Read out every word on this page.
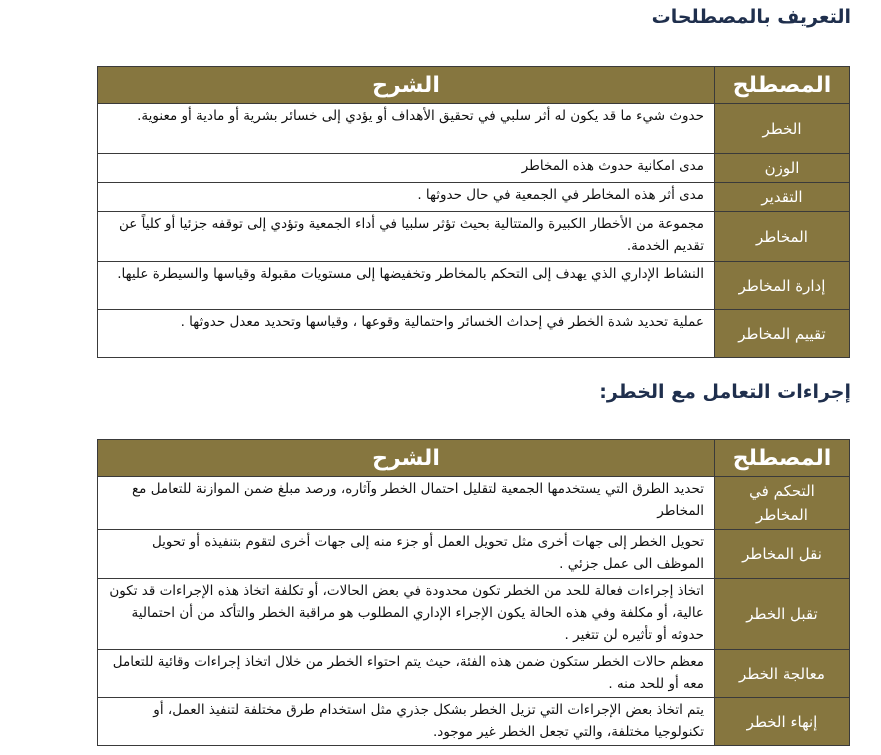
التعريف بالمصطلحات
المصطلح	الشرح
الخطر	حدوث شيء ما قد يكون له أثر سلبي في تحقيق الأهداف أو يؤدي إلى خسائر بشرية أو مادية أو معنوية.
الوزن	مدى امكانية حدوث هذه المخاطر
التقدير	مدى أثر هذه المخاطر في الجمعية في حال حدوثها .
المخاطر	مجموعة من الأخطار الكبيرة والمتتالية بحيث تؤثر سلبيا في أداء الجمعية وتؤدي إلى توقفه جزئيا أو كلياً عن تقديم الخدمة.
إدارة المخاطر	النشاط الإداري الذي يهدف إلى التحكم بالمخاطر وتخفيضها إلى مستويات مقبولة وقياسها والسيطرة عليها.
تقييم المخاطر	عملية تحديد شدة الخطر في إحداث الخسائر واحتمالية وقوعها ، وقياسها وتحديد معدل حدوثها .
إجراءات التعامل مع الخطر:
المصطلح	الشرح
التحكم في المخاطر	تحديد الطرق التي يستخدمها الجمعية لتقليل احتمال الخطر وآثاره، ورصد مبلغ ضمن الموازنة للتعامل مع المخاطر
نقل المخاطر	تحويل الخطر إلى جهات أخرى مثل تحويل العمل أو جزء منه إلى جهات أخرى لتقوم بتنفيذه أو تحويل الموظف الى عمل جزئي .
تقبل الخطر	اتخاذ إجراءات فعالة للحد من الخطر تكون محدودة في بعض الحالات، أو تكلفة اتخاذ هذه الإجراءات قد تكون عالية، أو مكلفة وفي هذه الحالة يكون الإجراء الإداري المطلوب هو مراقبة الخطر والتأكد من أن احتمالية حدوثه أو تأثيره لن تتغير .
معالجة الخطر	معظم حالات الخطر ستكون ضمن هذه الفئة، حيث يتم احتواء الخطر من خلال اتخاذ إجراءات وقائية للتعامل معه أو للحد منه .
إنهاء الخطر	يتم اتخاذ بعض الإجراءات التي تزيل الخطر بشكل جذري مثل استخدام طرق مختلفة لتنفيذ العمل، أو تكنولوجيا مختلفة، والتي تجعل الخطر غير موجود.
